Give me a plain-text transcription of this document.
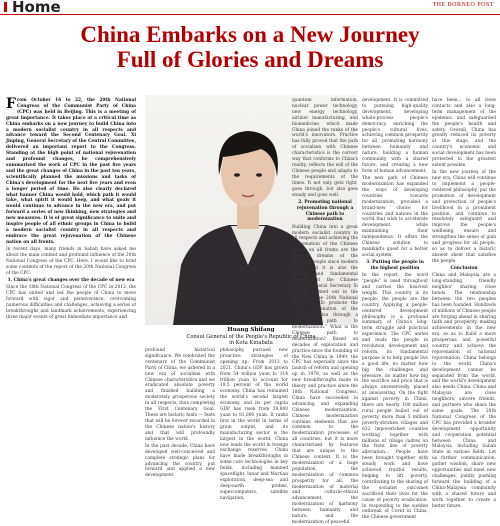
Home	THE BORNEO POST
China Embarks on a New Journey
Full of Glories and Dreams

From October 16 to 22, the 20th National Congress of the Communist Party of China (CPC) was held in Beijing. This is a meeting of great importance. It takes place at a critical time as China embarks on a new journey to build China into a modern socialist country in all respects and advance toward the Second Centenary Goal. Xi Jinping, General Secretary of the Central Committee, delivered an important report to the Congress. Standing at the high point of national rejuvenation and profound changes, he comprehensively summarized the work of CPC in the past five years and the great changes of China in the past ten years, scientifically planned the missions and tasks of China's development for the next five years and even a longer period of time. He also clearly declared what banner China would hold, which path it would take, what spirit it would keep, and what goals it would continue to advance in the new era, and put forward a series of new thinking, new strategies and new measures. It is of great significance to unite and inspire people of all ethnic groups in China to build a modern socialist country in all respects and embrace the great rejuvenation of the Chinese nation on all fronts.

In recent days, many friends in Sabah have asked me about the main content and profound influence of the 20th National Congress of the CPC. Here, I would like to brief some contents of the report of the 20th National Congress of the CPC:

1. China's great changes over the decade of new era

Since the 18th National Congress of the CPC in 2012, the CPC has united and led the people of China to move forward with vigor and perseverance, overcoming numerous difficulties and challenges, achieving a series of breakthroughs and landmark achievements, experiencing three major events of great immediate importance and

Huang Shifang
Consul General of the People's Republic of China
in Kota Kinabalu

profound historical significance. We celebrated the centenary of the Communist Party of China, we ushered in a new era of socialism with Chinese characteristics and we eradicated absolute poverty and finished building a moderately prosperous society in all respects, thus completing the First Centenary Goal. These are historic feats — feats that will be forever recorded in the Chinese nation's history and that will profoundly influence the world.

In the past decade, China have developed well-conceived and complete strategic plans for advancing the country, put forward and applied a new development

philosophy, pursued new proactive strategies of opening up. From 2013 to 2021, China's GDP has grown from 54 trillion yuan to 114 trillion yuan to account for 18.5 percent of the world economy. China has remained the world's second largest economy, and its per capita GDP has risen from 39,800 yuan to 81,000 yuan. It ranks first in the world in terms of grain output, and its manufacturing sector is the largest in the world. China now leads the world in foreign exchange reserves. China have made breakthroughs in some core technologies in key fields, including manned spaceflight, lunar and Martian exploration, deep-sea and deep-earth probes, supercomputers, satellite navigation,

quantum information, nuclear power technology, new energy technology, airliner manufacturing, and biomedicine, which made China joined the ranks of the world's innovators. Practice has fully proved that the path of socialism with Chinese characteristics is the correct way that conforms to China's reality, reflects the will of the Chinese people and adapts to the requirements of the times. It not only gets right, goes through, but also goes steady and goes well.

2. Promoting national rejuvenation through a Chinese path to modernization

Building China into a great modern socialist country in all respects and achieving the rejuvenation of the Chinese nation on all fronts are the greatest dreams of the Chinese people since modern times, and it is also the highest and fundamental interest of the Chinese nation. General Secretary Xi Jinping pointed out in the report of the 20th National Congress, "To promote the great rejuvenation of the Chinese nation through a Chinese path to modernization." What is the Chinese path to modernization? Based on decades of exploration and practice since the founding of the New China in 1949, the CPC has especially since the launch of reform and opening up in 1978, as well as the new breakthroughs made in theory and practice since the 18th National Congress, China have succeeded in advancing and expanding Chinese modernization. Chinese modernization contains elements that are common to the modernization processes of all countries, but it is more characterized by features that are unique to the Chinese context. It is the modernization of a huge population, the modernization of common prosperity for all, the modernization of material and cultural-ethical advancement, the modernization of harmony between humanity and nature, and the modernization of peaceful

development. It is committed to pursuing high-quality development, developing whole-process people's democracy, enriching the people's cultural lives, achieving common prosperity for all, promoting harmony between humanity and nature, building a human community with a shared future, and creating a new form of human advancement.

The new path of Chinese modernization has expanded the ways of developing countries towards modernization, provided a brand-new choice for countries and nations in the world that wish to accelerate development while maintaining their independence. It offers the Chinese solution to mankind's quest for a better social system.

3. Putting the people in the highest position

In the report, the word "people" is used throughout and carries the heaviest weight. This country is its people; the people are the country. Applying a people-centered development philosophy is a profound summary of China's long-term struggle and practical experience. The CPC unites and leads the people in revolution, development and reform, its fundamental purpose is to help people live a good life, no matter how big the challenges and pressure, no matter how big the sacrifice and price that is always unreservedly placed at unwavering. On the fight against poverty in China, there are nearly 100 million rural people bailed out of poverty, more than 5 million poverty-stricken villages and 832 impoverished counties working together with millions of village cadres on the front line of poverty alleviation... People have been brought together with steady work and have achieved fruitful results, helping to lift poverty, contributing to the sharing of the socialist outcomes sacrificed their lives for the cause of poverty eradication. In responding to the sudden outbreak of Covid in China, the Chinese government

have been... to all close contacts and also a long-term management of the epidemic, and safeguarded the people's health and safety. Overall, China has greatly reduced its poverty at this stage, and the country's economic and social development has been protected to the greatest extent possible.

In the new journey of the new era, China will continue to implement a people-centered philosophy, put the promotion of development and protection of people's livelihood in a prominent position, and continue to resolutely safeguard and improve the people's wellbeing, ensure and strengthen the sense of gain and progress for all people, so as to deliver a historic answer sheet that satisfies the people.

Conclusion

China and Malaysia are a long-standing friendly neighbor sharing close bonds. The relationship between the two peoples has been founded. Hundreds of millions of Chinese people are forging ahead in sharing faith and prosperity, making achievements in the new era, so as to build a more prosperous and powerful country and achieve the rejuvenation of national rejuvenation. China belongs to the world. China's development cannot be separated from the world, and the world's development also needs China. China and Malaysia are close neighbors, sincere friends, and partners who share the same goals. The 20th National Congress of the CPC has provided a broader development opportunity and cooperation potential between China and Malaysia, including Sabah State in various fields. Let us further communication, gather wisdom, share new opportunities and meet new challenges, jointly pushing forward the building of a China-Malaysia community with a shared future and work together to create a better future.
